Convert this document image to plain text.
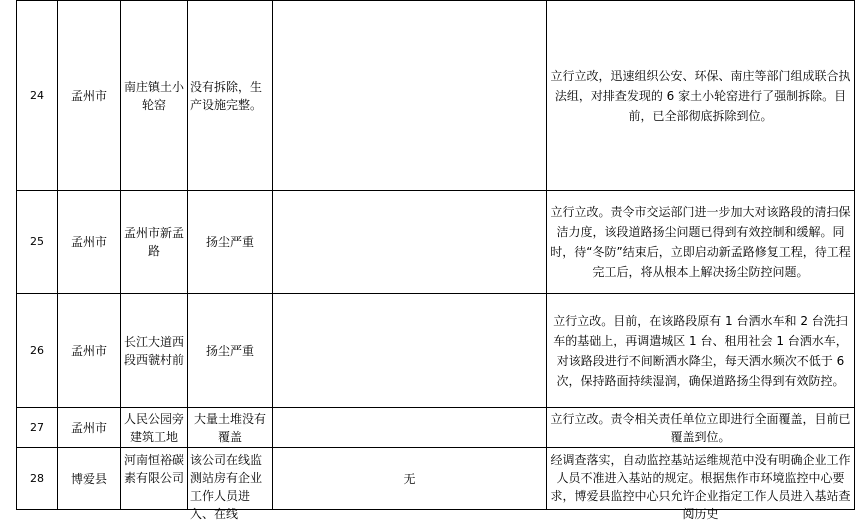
24	孟州市	南庄镇土小轮窑	没有拆除，生产设施完整。		立行立改，迅速组织公安、环保、南庄等部门组成联合执法组，对排查发现的 6 家土小轮窑进行了强制拆除。目前，已全部彻底拆除到位。
25	孟州市	孟州市新孟路	扬尘严重		立行立改。责令市交运部门进一步加大对该路段的清扫保洁力度，该段道路扬尘问题已得到有效控制和缓解。同时，待“冬防”结束后，立即启动新孟路修复工程，待工程完工后，将从根本上解决扬尘防控问题。
26	孟州市	长江大道西段西虢村前	扬尘严重		立行立改。目前，在该路段原有 1 台洒水车和 2 台洗扫车的基础上，再调遣城区 1 台、租用社会 1 台洒水车，对该路段进行不间断洒水降尘，每天洒水频次不低于 6 次，保持路面持续湿润，确保道路扬尘得到有效防控。
27	孟州市	人民公园旁建筑工地	大量土堆没有覆盖		立行立改。责令相关责任单位立即进行全面覆盖，目前已覆盖到位。
28	博爱县	河南恒裕碳素有限公司	该公司在线监测站房有企业工作人员进入、在线	无	经调查落实，自动监控基站运维规范中没有明确企业工作人员不准进入基站的规定。根据焦作市环境监控中心要求，博爱县监控中心只允许企业指定工作人员进入基站查阅历史
